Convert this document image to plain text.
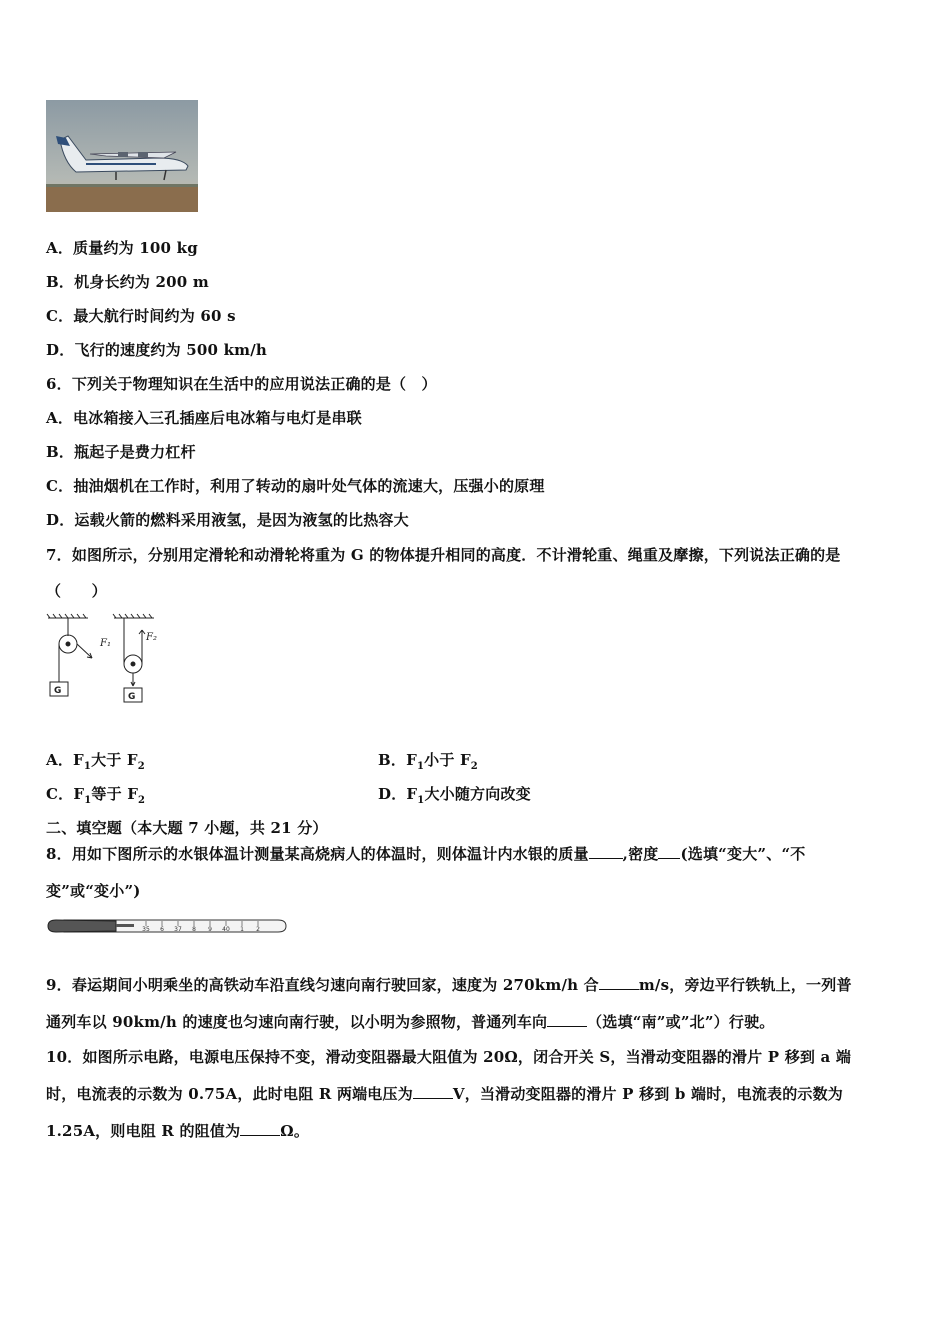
A．质量约为 100 kg
B．机身长约为 200 m
C．最大航行时间约为 60 s
D．飞行的速度约为 500 km/h
6．下列关于物理知识在生活中的应用说法正确的是（　）
A．电冰箱接入三孔插座后电冰箱与电灯是串联
B．瓶起子是费力杠杆
C．抽油烟机在工作时，利用了转动的扇叶处气体的流速大，压强小的原理
D．运载火箭的燃料采用液氢，是因为液氢的比热容大
7．如图所示，分别用定滑轮和动滑轮将重为 G 的物体提升相同的高度．不计滑轮重、绳重及摩擦，下列说法正确的是
（　　）
F₁
F₂
G
G
A．$F_1$大于 $F_2$	B．$F_1$小于 $F_2$
C．$F_1$等于 $F_2$	D．$F_1$大小随方向改变
二、填空题（本大题 7 小题，共 21 分）
8．用如下图所示的水银体温计测量某高烧病人的体温时，则体温计内水银的质量 ,密度 (选填“变大”、“不
变”或“变小”)
35 6 37 8 9 40 1 2
9．春运期间小明乘坐的高铁动车沿直线匀速向南行驶回家，速度为 270km/h 合	m/s，旁边平行铁轨上，一列普
通列车以 90km/h 的速度也匀速向南行驶，以小明为参照物，普通列车向	（选填“南”或”北”）行驶。
10．如图所示电路，电源电压保持不变，滑动变阻器最大阻值为 20Ω，闭合开关 S，当滑动变阻器的滑片 P 移到 a 端
时，电流表的示数为 0.75A，此时电阻 R 两端电压为	V，当滑动变阻器的滑片 P 移到 b 端时，电流表的示数为
1.25A，则电阻 R 的阻值为	Ω。
